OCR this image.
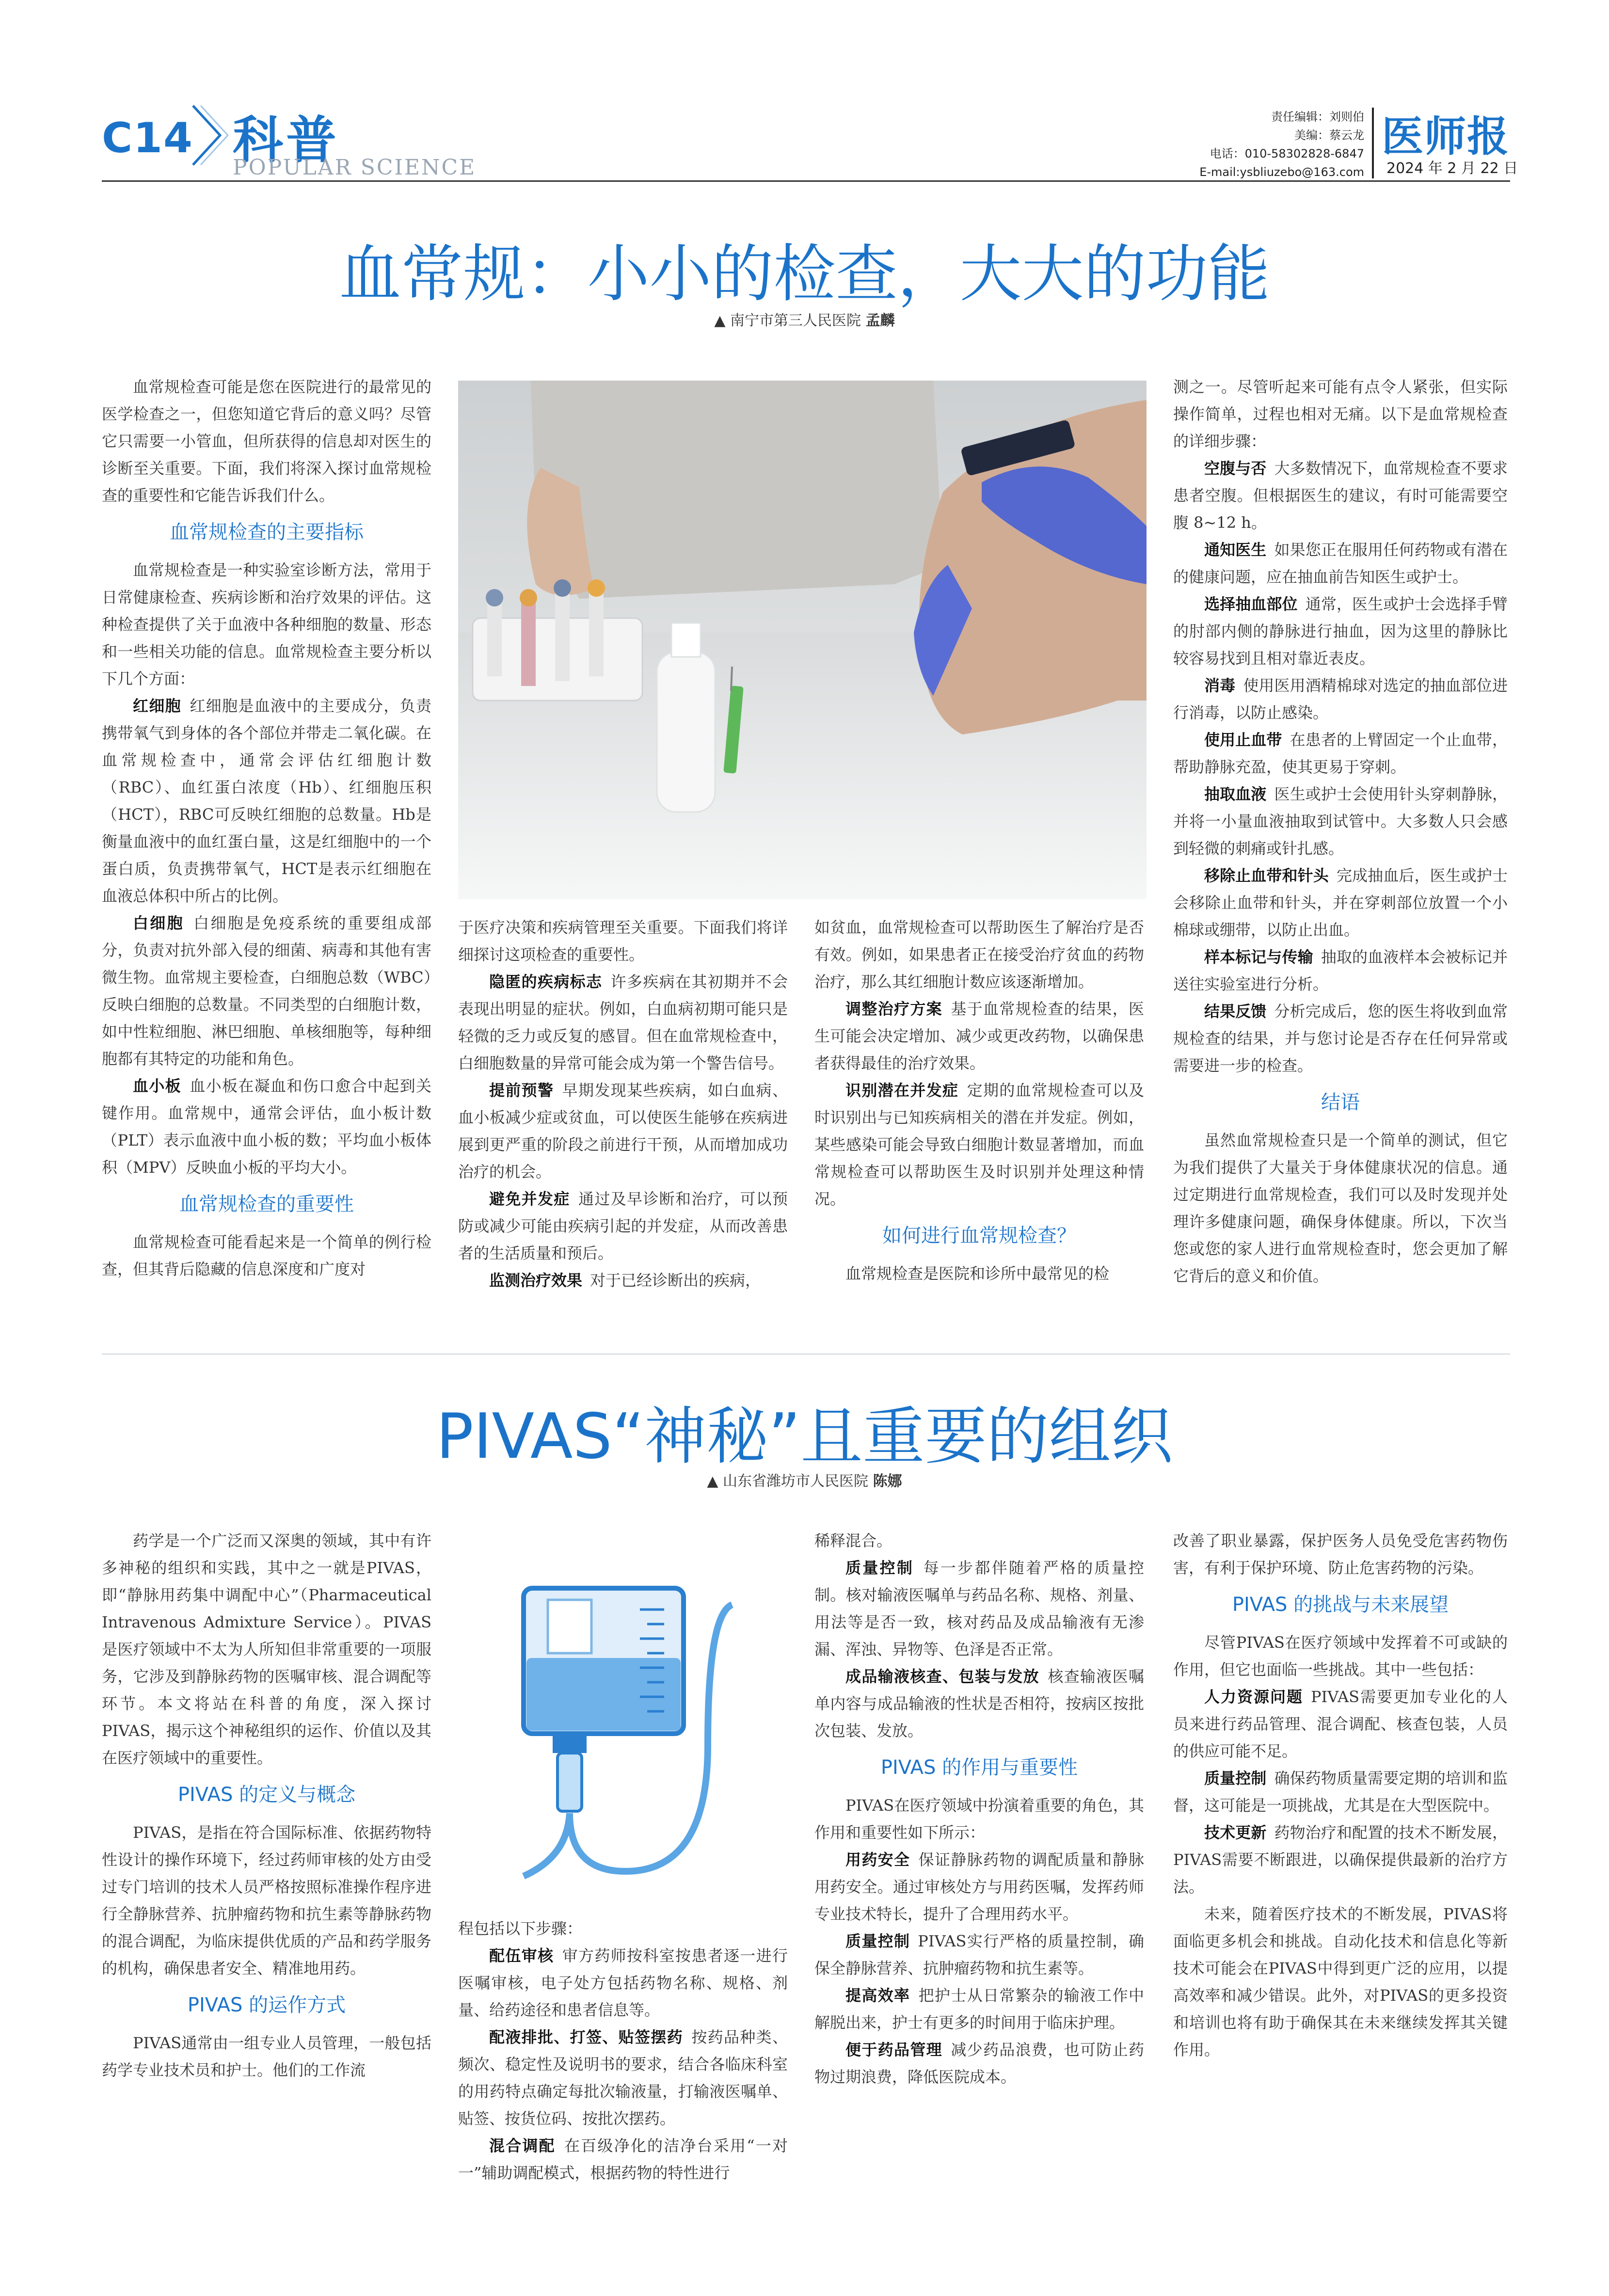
C14 科普
POPULAR SCIENCE
责任编辑：刘则伯
美编：蔡云龙
电话：010-58302828-6847
E-mail:ysbliuzebo@163.com
医师报
2024 年 2 月 22 日
血常规：小小的检查，大大的功能
▲ 南宁市第三人民医院 孟麟

血常规检查可能是您在医院进行的最常见的医学检查之一，但您知道它背后的意义吗？尽管它只需要一小管血，但所获得的信息却对医生的诊断至关重要。下面，我们将深入探讨血常规检查的重要性和它能告诉我们什么。

血常规检查的主要指标

血常规检查是一种实验室诊断方法，常用于日常健康检查、疾病诊断和治疗效果的评估。这种检查提供了关于血液中各种细胞的数量、形态和一些相关功能的信息。血常规检查主要分析以下几个方面：

红细胞  红细胞是血液中的主要成分，负责携带氧气到身体的各个部位并带走二氧化碳。在血常规检查中，通常会评估红细胞计数（RBC）、血红蛋白浓度（Hb）、红细胞压积（HCT），RBC可反映红细胞的总数量。Hb是衡量血液中的血红蛋白量，这是红细胞中的一个蛋白质，负责携带氧气，HCT是表示红细胞在血液总体积中所占的比例。

白细胞  白细胞是免疫系统的重要组成部分，负责对抗外部入侵的细菌、病毒和其他有害微生物。血常规主要检查，白细胞总数（WBC）反映白细胞的总数量。不同类型的白细胞计数，如中性粒细胞、淋巴细胞、单核细胞等，每种细胞都有其特定的功能和角色。

血小板  血小板在凝血和伤口愈合中起到关键作用。血常规中，通常会评估，血小板计数（PLT）表示血液中血小板的数；平均血小板体积（MPV）反映血小板的平均大小。

血常规检查的重要性

血常规检查可能看起来是一个简单的例行检查，但其背后隐藏的信息深度和广度对

于医疗决策和疾病管理至关重要。下面我们将详细探讨这项检查的重要性。

隐匿的疾病标志  许多疾病在其初期并不会表现出明显的症状。例如，白血病初期可能只是轻微的乏力或反复的感冒。但在血常规检查中，白细胞数量的异常可能会成为第一个警告信号。

提前预警  早期发现某些疾病，如白血病、血小板减少症或贫血，可以使医生能够在疾病进展到更严重的阶段之前进行干预，从而增加成功治疗的机会。

避免并发症  通过及早诊断和治疗，可以预防或减少可能由疾病引起的并发症，从而改善患者的生活质量和预后。

监测治疗效果  对于已经诊断出的疾病，

如贫血，血常规检查可以帮助医生了解治疗是否有效。例如，如果患者正在接受治疗贫血的药物治疗，那么其红细胞计数应该逐渐增加。

调整治疗方案  基于血常规检查的结果，医生可能会决定增加、减少或更改药物，以确保患者获得最佳的治疗效果。

识别潜在并发症  定期的血常规检查可以及时识别出与已知疾病相关的潜在并发症。例如，某些感染可能会导致白细胞计数显著增加，而血常规检查可以帮助医生及时识别并处理这种情况。

如何进行血常规检查？

血常规检查是医院和诊所中最常见的检

测之一。尽管听起来可能有点令人紧张，但实际操作简单，过程也相对无痛。以下是血常规检查的详细步骤：

空腹与否  大多数情况下，血常规检查不要求患者空腹。但根据医生的建议，有时可能需要空腹 8~12 h。

通知医生  如果您正在服用任何药物或有潜在的健康问题，应在抽血前告知医生或护士。

选择抽血部位  通常，医生或护士会选择手臂的肘部内侧的静脉进行抽血，因为这里的静脉比较容易找到且相对靠近表皮。

消毒  使用医用酒精棉球对选定的抽血部位进行消毒，以防止感染。

使用止血带  在患者的上臂固定一个止血带，帮助静脉充盈，使其更易于穿刺。

抽取血液  医生或护士会使用针头穿刺静脉，并将一小量血液抽取到试管中。大多数人只会感到轻微的刺痛或针扎感。

移除止血带和针头  完成抽血后，医生或护士会移除止血带和针头，并在穿刺部位放置一个小棉球或绷带，以防止出血。

样本标记与传输  抽取的血液样本会被标记并送往实验室进行分析。

结果反馈  分析完成后，您的医生将收到血常规检查的结果，并与您讨论是否存在任何异常或需要进一步的检查。

结语

虽然血常规检查只是一个简单的测试，但它为我们提供了大量关于身体健康状况的信息。通过定期进行血常规检查，我们可以及时发现并处理许多健康问题，确保身体健康。所以，下次当您或您的家人进行血常规检查时，您会更加了解它背后的意义和价值。

PIVAS“神秘”且重要的组织
▲ 山东省潍坊市人民医院 陈娜

药学是一个广泛而又深奥的领域，其中有许多神秘的组织和实践，其中之一就是PIVAS，即“静脉用药集中调配中心”（Pharmaceutical Intravenous Admixture Service）。PIVAS是医疗领域中不太为人所知但非常重要的一项服务，它涉及到静脉药物的医嘱审核、混合调配等环节。本文将站在科普的角度，深入探讨PIVAS，揭示这个神秘组织的运作、价值以及其在医疗领域中的重要性。

PIVAS 的定义与概念

PIVAS，是指在符合国际标准、依据药物特性设计的操作环境下，经过药师审核的处方由受过专门培训的技术人员严格按照标准操作程序进行全静脉营养、抗肿瘤药物和抗生素等静脉药物的混合调配，为临床提供优质的产品和药学服务的机构，确保患者安全、精准地用药。

PIVAS 的运作方式

PIVAS通常由一组专业人员管理，一般包括药学专业技术员和护士。他们的工作流

程包括以下步骤：

配伍审核  审方药师按科室按患者逐一进行医嘱审核，电子处方包括药物名称、规格、剂量、给药途径和患者信息等。

配液排批、打签、贴签摆药  按药品种类、频次、稳定性及说明书的要求，结合各临床科室的用药特点确定每批次输液量，打输液医嘱单、贴签、按货位码、按批次摆药。

混合调配  在百级净化的洁净台采用“一对一”辅助调配模式，根据药物的特性进行

稀释混合。

质量控制  每一步都伴随着严格的质量控制。核对输液医嘱单与药品名称、规格、剂量、用法等是否一致，核对药品及成品输液有无渗漏、浑浊、异物等、色泽是否正常。

成品输液核查、包装与发放  核查输液医嘱单内容与成品输液的性状是否相符，按病区按批次包装、发放。

PIVAS 的作用与重要性

PIVAS在医疗领域中扮演着重要的角色，其作用和重要性如下所示：

用药安全  保证静脉药物的调配质量和静脉用药安全。通过审核处方与用药医嘱，发挥药师专业技术特长，提升了合理用药水平。

质量控制  PIVAS实行严格的质量控制，确保全静脉营养、抗肿瘤药物和抗生素等。

提高效率  把护士从日常繁杂的输液工作中解脱出来，护士有更多的时间用于临床护理。

便于药品管理  减少药品浪费，也可防止药物过期浪费，降低医院成本。

改善了职业暴露，保护医务人员免受危害药物伤害，有利于保护环境、防止危害药物的污染。

PIVAS 的挑战与未来展望

尽管PIVAS在医疗领域中发挥着不可或缺的作用，但它也面临一些挑战。其中一些包括：

人力资源问题  PIVAS需要更加专业化的人员来进行药品管理、混合调配、核查包装，人员的供应可能不足。

质量控制  确保药物质量需要定期的培训和监督，这可能是一项挑战，尤其是在大型医院中。

技术更新  药物治疗和配置的技术不断发展，PIVAS需要不断跟进，以确保提供最新的治疗方法。

未来，随着医疗技术的不断发展，PIVAS将面临更多机会和挑战。自动化技术和信息化等新技术可能会在PIVAS中得到更广泛的应用，以提高效率和减少错误。此外，对PIVAS的更多投资和培训也将有助于确保其在未来继续发挥其关键作用。
